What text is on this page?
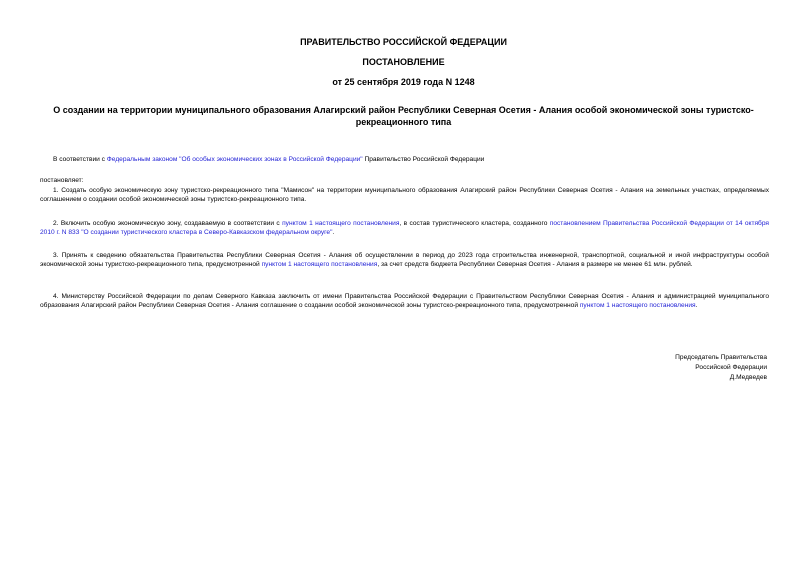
ПРАВИТЕЛЬСТВО РОССИЙСКОЙ ФЕДЕРАЦИИ
ПОСТАНОВЛЕНИЕ
от 25 сентября 2019 года N 1248
О создании на территории муниципального образования Алагирский район Республики Северная Осетия - Алания особой экономической зоны туристско-рекреационного типа
В соответствии с Федеральным законом "Об особых экономических зонах в Российской Федерации" Правительство Российской Федерации
постановляет:
1. Создать особую экономическую зону туристско-рекреационного типа "Мамисон" на территории муниципального образования Алагирский район Республики Северная Осетия - Алания на земельных участках, определяемых соглашением о создании особой экономической зоны туристско-рекреационного типа.
2. Включить особую экономическую зону, создаваемую в соответствии с пунктом 1 настоящего постановления, в состав туристического кластера, созданного постановлением Правительства Российской Федерации от 14 октября 2010 г. N 833 "О создании туристического кластера в Северо-Кавказском федеральном округе".
3. Принять к сведению обязательства Правительства Республики Северная Осетия - Алания об осуществлении в период до 2023 года строительства инженерной, транспортной, социальной и иной инфраструктуры особой экономической зоны туристско-рекреационного типа, предусмотренной пунктом 1 настоящего постановления, за счет средств бюджета Республики Северная Осетия - Алания в размере не менее 61 млн. рублей.
4. Министерству Российской Федерации по делам Северного Кавказа заключить от имени Правительства Российской Федерации с Правительством Республики Северная Осетия - Алания и администрацией муниципального образования Алагирский район Республики Северная Осетия - Алания соглашение о создании особой экономической зоны туристско-рекреационного типа, предусмотренной пунктом 1 настоящего постановления.
Председатель Правительства
Российской Федерации
Д.Медведев
